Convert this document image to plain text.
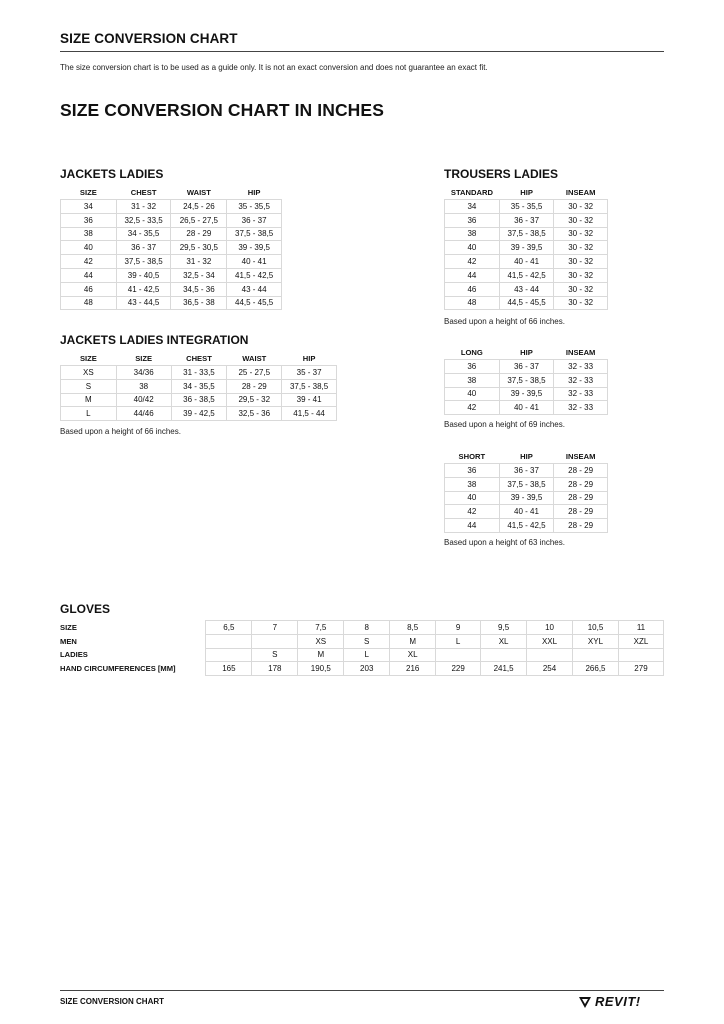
SIZE CONVERSION CHART
The size conversion chart is to be used as a guide only. It is not an exact conversion and does not guarantee an exact fit.
SIZE CONVERSION CHART IN INCHES
JACKETS LADIES
SIZE	CHEST	WAIST	HIP
34	31 - 32	24,5 - 26	35 - 35,5
36	32,5 - 33,5	26,5 - 27,5	36 - 37
38	34 - 35,5	28 - 29	37,5 - 38,5
40	36 - 37	29,5 - 30,5	39 - 39,5
42	37,5 - 38,5	31 - 32	40 - 41
44	39 - 40,5	32,5 - 34	41,5 - 42,5
46	41 - 42,5	34,5 - 36	43 - 44
48	43 - 44,5	36,5 - 38	44,5 - 45,5
JACKETS LADIES INTEGRATION
SIZE	SIZE	CHEST	WAIST	HIP
XS	34/36	31 - 33,5	25 - 27,5	35 - 37
S	38	34 - 35,5	28 - 29	37,5 - 38,5
M	40/42	36 - 38,5	29,5 - 32	39 - 41
L	44/46	39 - 42,5	32,5 - 36	41,5 - 44
Based upon a height of 66 inches.
TROUSERS LADIES
STANDARD	HIP	INSEAM
34	35 - 35,5	30 - 32
36	36 - 37	30 - 32
38	37,5 - 38,5	30 - 32
40	39 - 39,5	30 - 32
42	40 - 41	30 - 32
44	41,5 - 42,5	30 - 32
46	43 - 44	30 - 32
48	44,5 - 45,5	30 - 32
Based upon a height of 66 inches.
LONG	HIP	INSEAM
36	36 - 37	32 - 33
38	37,5 - 38,5	32 - 33
40	39 - 39,5	32 - 33
42	40 - 41	32 - 33
Based upon a height of 69 inches.
SHORT	HIP	INSEAM
36	36 - 37	28 - 29
38	37,5 - 38,5	28 - 29
40	39 - 39,5	28 - 29
42	40 - 41	28 - 29
44	41,5 - 42,5	28 - 29
Based upon a height of 63 inches.
GLOVES
SIZE	6,5	7	7,5	8	8,5	9	9,5	10	10,5	11
MEN			XS	S	M	L	XL	XXL	XYL	XZL
LADIES		S	M	L	XL					
HAND CIRCUMFERENCES [MM]	165	178	190,5	203	216	229	241,5	254	266,5	279
SIZE CONVERSION CHART	REVIT!
